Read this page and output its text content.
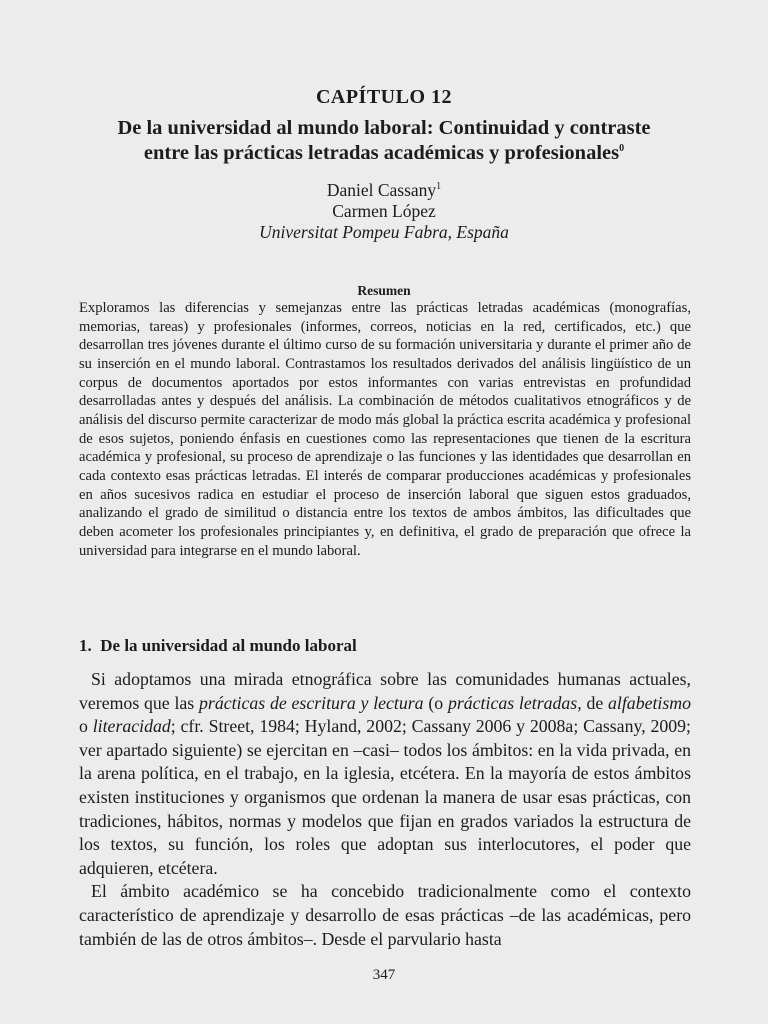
CAPÍTULO 12
De la universidad al mundo laboral: Continuidad y contraste
entre las prácticas letradas académicas y profesionales$^0$
Daniel Cassany$^1$
Carmen López
Universitat Pompeu Fabra, España
Resumen
Exploramos las diferencias y semejanzas entre las prácticas letradas académicas (monografías, memorias, tareas) y profesionales (informes, correos, noticias en la red, certificados, etc.) que desarrollan tres jóvenes durante el último curso de su formación universitaria y durante el primer año de su inserción en el mundo laboral. Contrastamos los resultados derivados del análisis lingüístico de un corpus de documentos aportados por estos informantes con varias entrevistas en profundidad desarrolladas antes y después del análisis. La combinación de métodos cualitativos etnográficos y de análisis del discurso permite caracterizar de modo más global la práctica escrita académica y profesional de esos sujetos, poniendo énfasis en cuestiones como las representaciones que tienen de la escritura académica y profesional, su proceso de aprendizaje o las funciones y las identidades que desarrollan en cada contexto esas prácticas letradas. El interés de comparar producciones académicas y profesionales en años sucesivos radica en estudiar el proceso de inserción laboral que siguen estos graduados, analizando el grado de similitud o distancia entre los textos de ambos ámbitos, las dificultades que deben acometer los profesionales principiantes y, en definitiva, el grado de preparación que ofrece la universidad para integrarse en el mundo laboral.
1. De la universidad al mundo laboral

Si adoptamos una mirada etnográfica sobre las comunidades humanas actuales, veremos que las prácticas de escritura y lectura (o prácticas letradas, de alfabetismo o literacidad; cfr. Street, 1984; Hyland, 2002; Cassany 2006 y 2008a; Cassany, 2009; ver apartado siguiente) se ejercitan en –casi– todos los ámbitos: en la vida privada, en la arena política, en el trabajo, en la iglesia, etcétera. En la mayoría de estos ámbitos existen instituciones y organismos que ordenan la manera de usar esas prácticas, con tradiciones, hábitos, normas y modelos que fijan en grados variados la estructura de los textos, su función, los roles que adoptan sus interlocutores, el poder que adquieren, etcétera.

El ámbito académico se ha concebido tradicionalmente como el contexto característico de aprendizaje y desarrollo de esas prácticas –de las académicas, pero también de las de otros ámbitos–. Desde el parvulario hasta

347
